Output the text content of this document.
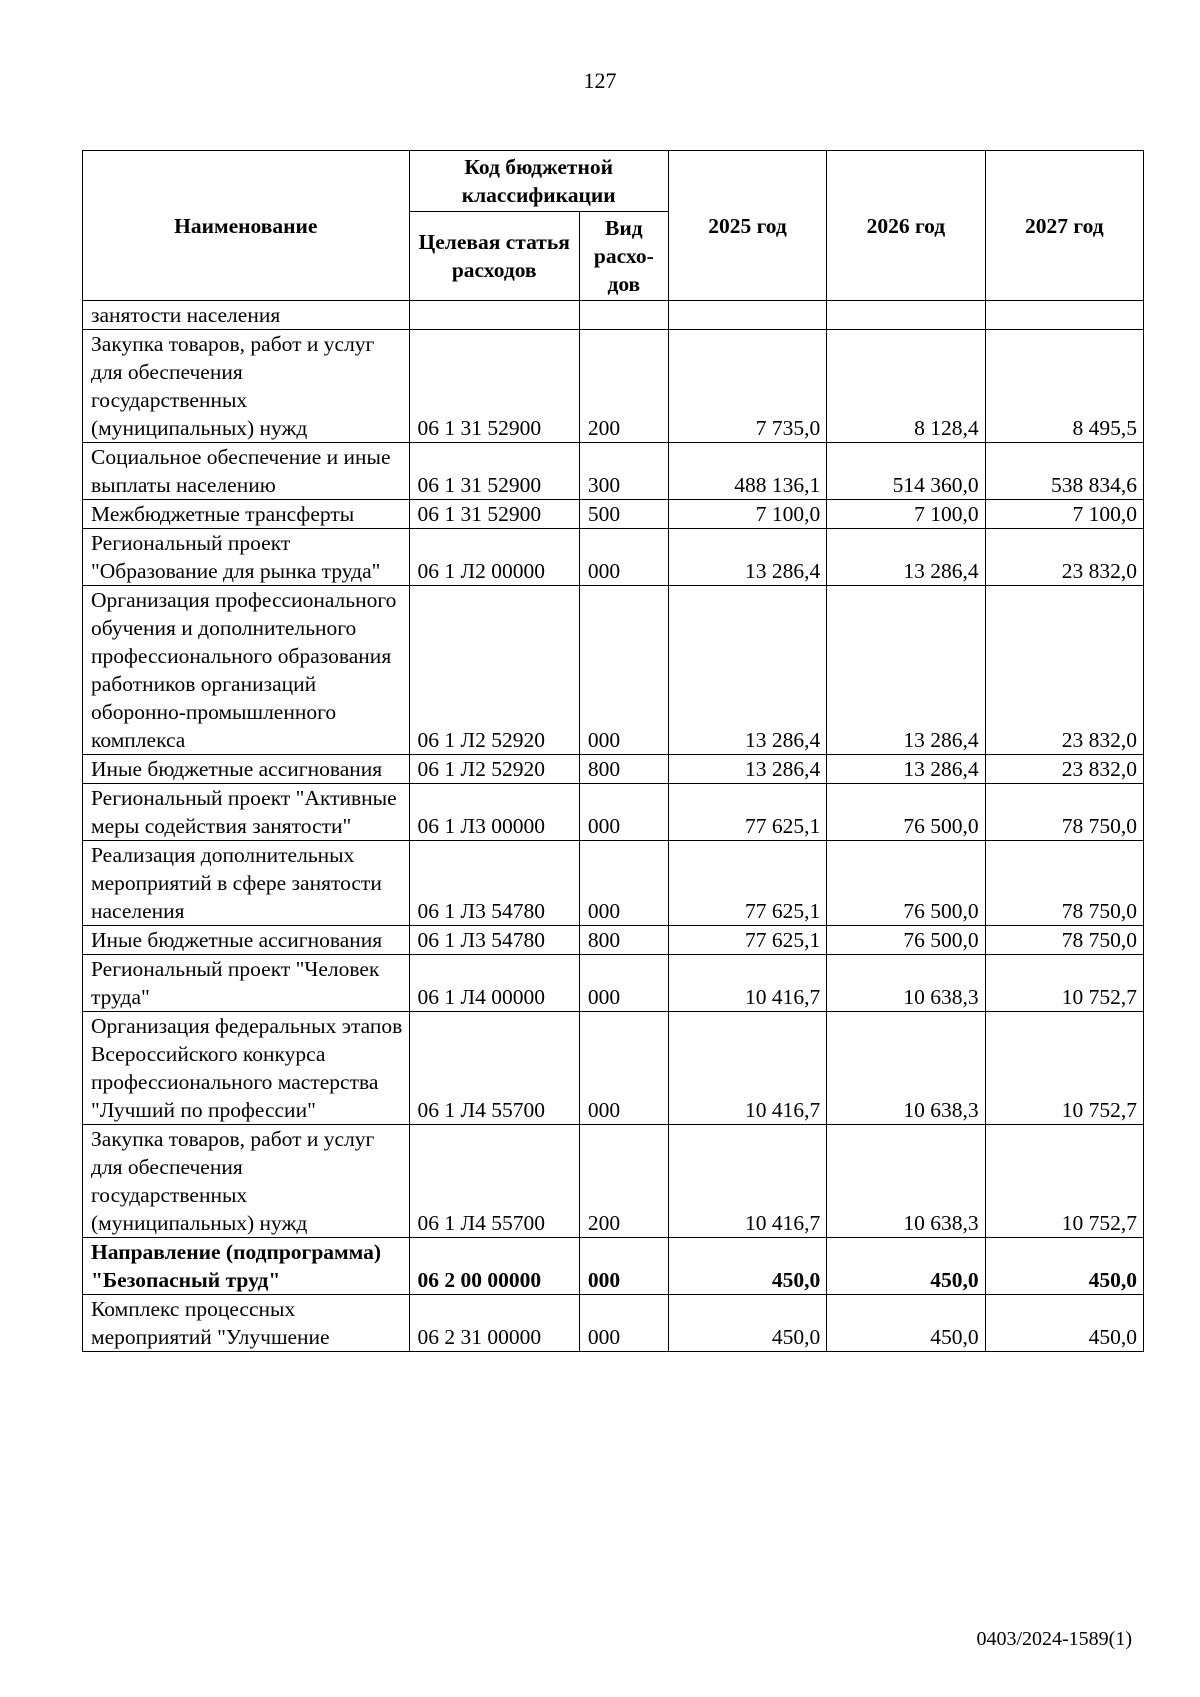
127
Наименование	Код бюджетной классификации		2025 год	2026 год	2027 год
	Целевая статья расходов	Вид расхо-дов			
занятости населения					
Закупка товаров, работ и услуг для обеспечения государственных (муниципальных) нужд	06 1 31 52900	200	7 735,0	8 128,4	8 495,5
Социальное обеспечение и иные выплаты населению	06 1 31 52900	300	488 136,1	514 360,0	538 834,6
Межбюджетные трансферты	06 1 31 52900	500	7 100,0	7 100,0	7 100,0
Региональный проект "Образование для рынка труда"	06 1 Л2 00000	000	13 286,4	13 286,4	23 832,0
Организация профессионального обучения и дополнительного профессионального образования работников организаций оборонно-промышленного комплекса	06 1 Л2 52920	000	13 286,4	13 286,4	23 832,0
Иные бюджетные ассигнования	06 1 Л2 52920	800	13 286,4	13 286,4	23 832,0
Региональный проект "Активные меры содействия занятости"	06 1 Л3 00000	000	77 625,1	76 500,0	78 750,0
Реализация дополнительных мероприятий в сфере занятости населения	06 1 Л3 54780	000	77 625,1	76 500,0	78 750,0
Иные бюджетные ассигнования	06 1 Л3 54780	800	77 625,1	76 500,0	78 750,0
Региональный проект "Человек труда"	06 1 Л4 00000	000	10 416,7	10 638,3	10 752,7
Организация федеральных этапов Всероссийского конкурса профессионального мастерства "Лучший по профессии"	06 1 Л4 55700	000	10 416,7	10 638,3	10 752,7
Закупка товаров, работ и услуг для обеспечения государственных (муниципальных) нужд	06 1 Л4 55700	200	10 416,7	10 638,3	10 752,7
Направление (подпрограмма) "Безопасный труд"	06 2 00 00000	000	450,0	450,0	450,0
Комплекс процессных мероприятий "Улучшение	06 2 31 00000	000	450,0	450,0	450,0
0403/2024-1589(1)
